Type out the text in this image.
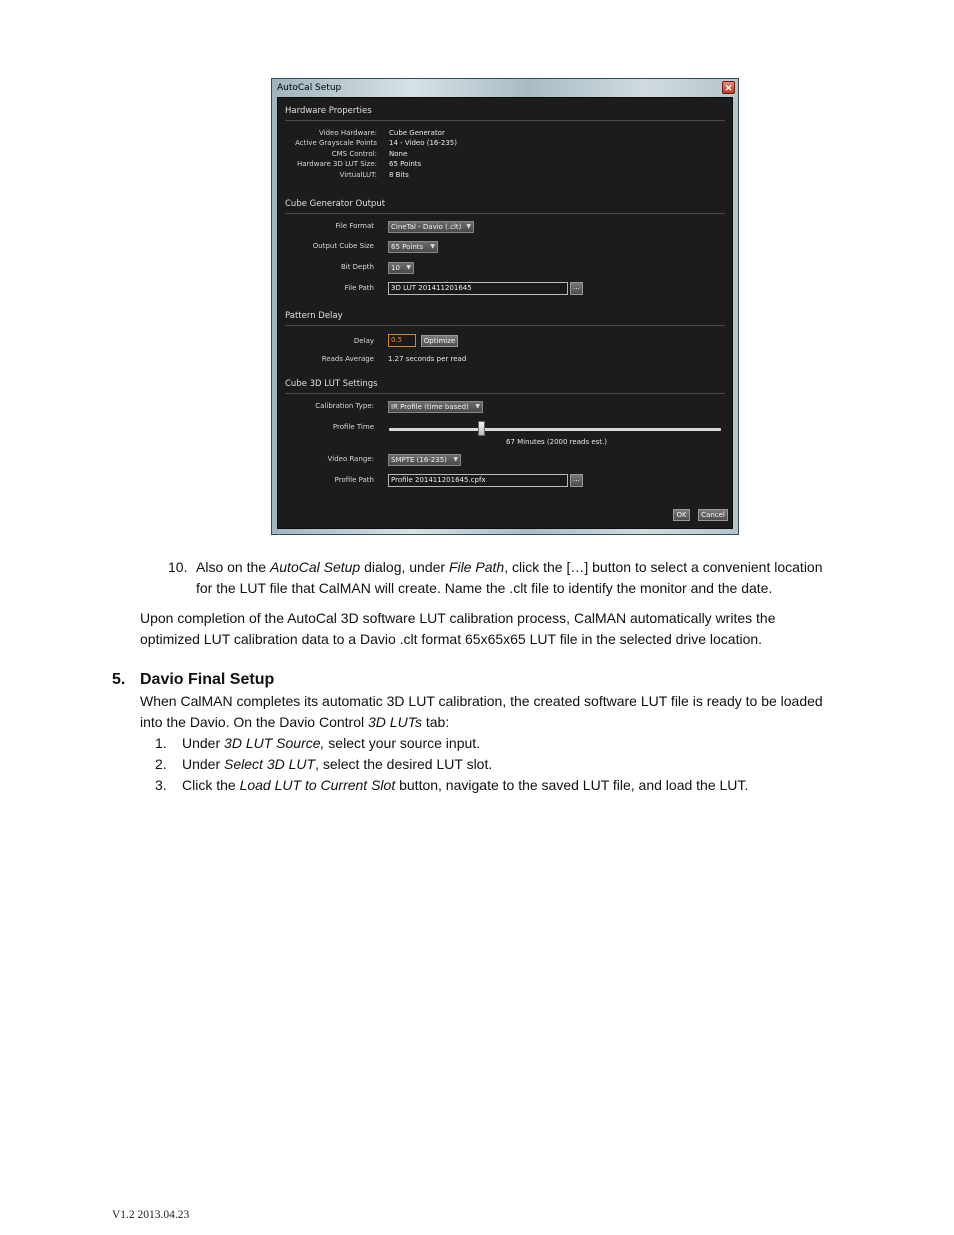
AutoCal Setup	✕
Hardware Properties
Video Hardware: Cube Generator
Active Grayscale Points 14 - Video (16-235)
CMS Control: None
Hardware 3D LUT Size: 65 Points
VirtualLUT: 8 Bits
Cube Generator Output
File Format	CineTal - Davio (.clt) ▼
Output Cube Size	65 Points ▼
Bit Depth	10 ▼
File Path	3D LUT 201411201645	...
Pattern Delay
Delay	0.5	Optimize
Reads Average 1.27 seconds per read
Cube 3D LUT Settings
Calibration Type:	IR Profile (time based) ▼
Profile Time
67 Minutes (2000 reads est.)
Video Range:	SMPTE (16-235) ▼
Profile Path	Profile 201411201645.cpfx	...
OK	Cancel
10. Also on the AutoCal Setup dialog, under File Path, click the […] button to select a convenient location
for the LUT file that CalMAN will create. Name the .clt file to identify the monitor and the date.
Upon completion of the AutoCal 3D software LUT calibration process, CalMAN automatically writes the
optimized LUT calibration data to a Davio .clt format 65x65x65 LUT file in the selected drive location.
5. Davio Final Setup
When CalMAN completes its automatic 3D LUT calibration, the created software LUT file is ready to be loaded
into the Davio. On the Davio Control 3D LUTs tab:
1. Under 3D LUT Source, select your source input.
2. Under Select 3D LUT, select the desired LUT slot.
3. Click the Load LUT to Current Slot button, navigate to the saved LUT file, and load the LUT.
V1.2 2013.04.23
